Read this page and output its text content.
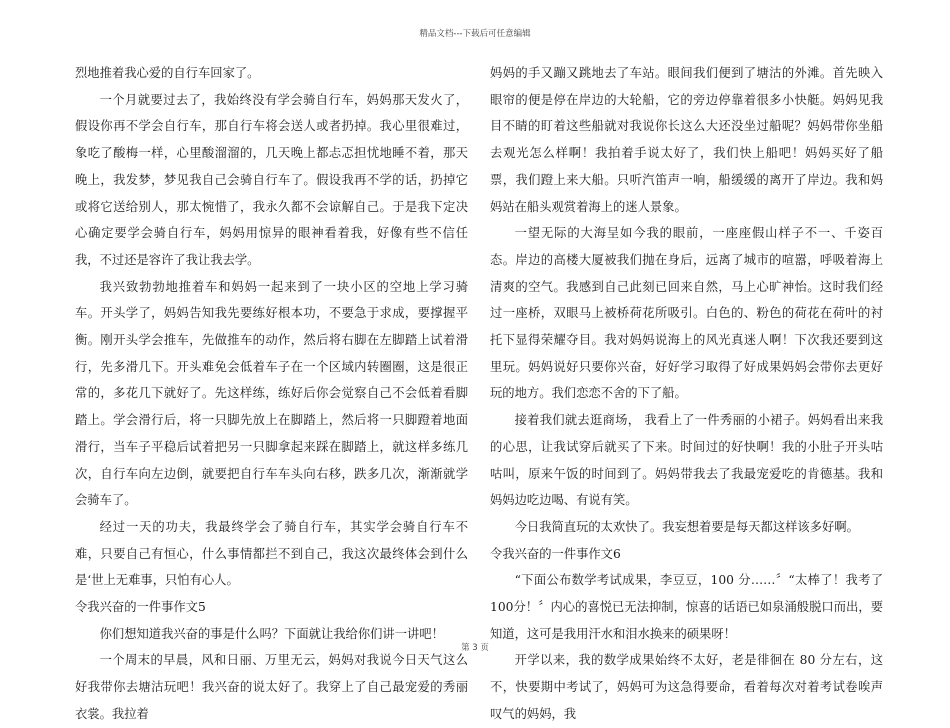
精品文档---下载后可任意编辑

烈地推着我心爱的自行车回家了。

一个月就要过去了，我始终没有学会骑自行车，妈妈那天发火了，假设你再不学会自行车，那自行车将会送人或者扔掉。我心里很难过，象吃了酸梅一样，心里酸溜溜的，几天晚上都忐忑担忧地睡不着，那天晚上，我发梦，梦见我自己会骑自行车了。假设我再不学的话，扔掉它或将它送给别人，那太惋惜了，我永久都不会谅解自己。于是我下定决心确定要学会骑自行车，妈妈用惊异的眼神看着我，好像有些不信任我，不过还是容许了我让我去学。

我兴致勃勃地推着车和妈妈一起来到了一块小区的空地上学习骑车。开头学了，妈妈告知我先要练好根本功，不要急于求成，要撑握平衡。刚开头学会推车，先做推车的动作，然后将右脚在左脚踏上试着滑行，先多滑几下。开头难免会低着车子在一个区域内转圈圈，这是很正常的，多花几下就好了。先这样练，练好后你会觉察自己不会低着看脚踏上。学会滑行后，将一只脚先放上在脚踏上，然后将一只脚蹬着地面滑行，当车子平稳后试着把另一只脚拿起来踩在脚踏上，就这样多练几次，自行车向左边倒，就要把自行车车头向右移，跌多几次，渐渐就学会骑车了。

经过一天的功夫，我最终学会了骑自行车，其实学会骑自行车不难，只要自己有恒心，什么事情都拦不到自己，我这次最终体会到什么是‘世上无难事，只怕有心人。

令我兴奋的一件事作文5

你们想知道我兴奋的事是什么吗？下面就让我给你们讲一讲吧！

一个周末的早晨，风和日丽、万里无云，妈妈对我说今日天气这么好我带你去塘沽玩吧！我兴奋的说太好了。我穿上了自己最宠爱的秀丽衣裳。我拉着

妈妈的手又蹦又跳地去了车站。眼间我们便到了塘沽的外滩。首先映入眼帘的便是停在岸边的大轮船，它的旁边停靠着很多小快艇。妈妈见我目不睛的盯着这些船就对我说你长这么大还没坐过船呢？妈妈带你坐船去观光怎么样啊！我拍着手说太好了，我们快上船吧！妈妈买好了船票，我们蹬上来大船。只听汽笛声一响，船缓缓的离开了岸边。我和妈妈站在船头观赏着海上的迷人景象。

一望无际的大海呈如今我的眼前，一座座假山样子不一、千姿百态。岸边的高楼大厦被我们抛在身后，远离了城市的喧嚣，呼吸着海上清爽的空气。我感到自己此刻已回来自然，马上心旷神怡。这时我们经过一座桥，双眼马上被桥荷花所吸引。白色的、粉色的荷花在荷叶的衬托下显得荣耀夺目。我对妈妈说海上的风光真迷人啊！下次我还要到这里玩。妈妈说好只要你兴奋，好好学习取得了好成果妈妈会带你去更好玩的地方。我们恋恋不舍的下了船。

接着我们就去逛商场， 我看上了一件秀丽的小裙子。妈妈看出来我的心思，让我试穿后就买了下来。时间过的好快啊！我的小肚子开头咕咕叫，原来午饭的时间到了。妈妈带我去了我最宠爱吃的肯德基。我和妈妈边吃边喝、有说有笑。

今日我简直玩的太欢快了。我妄想着要是每天都这样该多好啊。

令我兴奋的一件事作文6

“下面公布数学考试成果，李豆豆，100 分……〞“太棒了！我考了 100分！〞内心的喜悦已无法抑制，惊喜的话语已如泉涌般脱口而出，要知道，这可是我用汗水和泪水换来的硕果呀！

开学以来，我的数学成果始终不太好，老是徘徊在 80 分左右，这不，快要期中考试了，妈妈可为这急得要命，看着每次对着考试卷唉声叹气的妈妈，我

第 3 页
